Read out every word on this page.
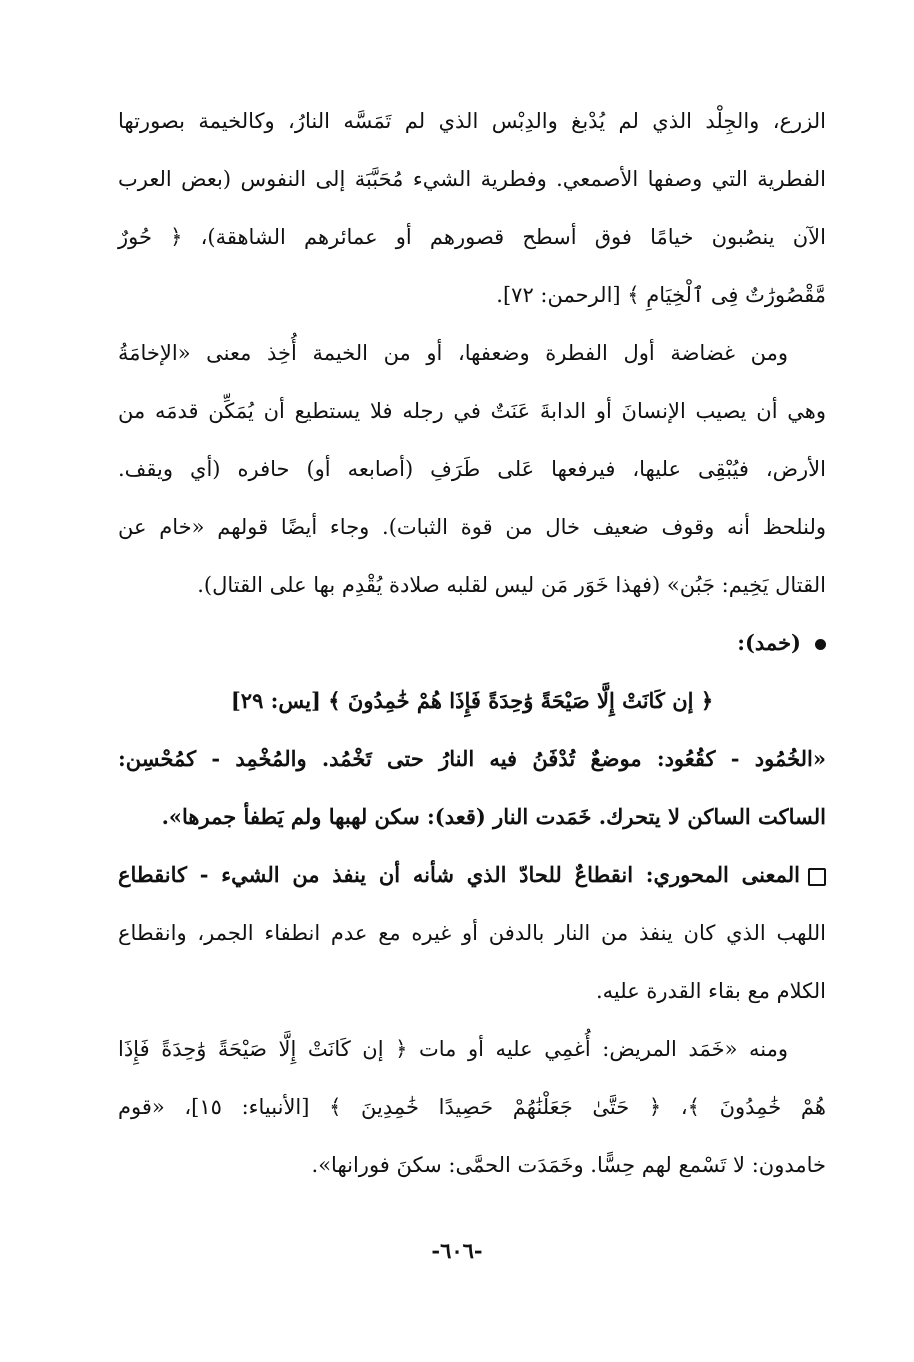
الزرع، والجِلْد الذي لم يُدْبغ والدِبْس الذي لم تَمَسَّه النارُ، وكالخيمة بصورتها
الفطرية التي وصفها الأصمعي. وفطرية الشيء مُحَبَّبَة إلى النفوس (بعض العرب
الآن ينصُبون خيامًا فوق أسطح قصورهم أو عمائرهم الشاهقة)، ﴿ حُورٌ
مَّقْصُورَٰتٌ فِى ٱلْخِيَامِ ﴾ [الرحمن: ٧٢].
ومن غضاضة أول الفطرة وضعفها، أو من الخيمة أُخِذ معنى «الإخامَةُ
وهي أن يصيب الإنسانَ أو الدابةَ عَنَتٌ في رجله فلا يستطيع أن يُمَكِّن قدمَه من
الأرض، فيُبْقِى عليها، فيرفعها عَلى طَرَفِ (أصابعه أو) حافره (أي ويقف.
ولنلحظ أنه وقوف ضعيف خال من قوة الثبات). وجاء أيضًا قولهم «خام عن
القتال يَخِيم: جَبُن» (فهذا خَوَر مَن ليس لقلبه صلادة يُقْدِم بها على القتال).
(خمد):
﴿ إن كَانَتْ إِلَّا صَيْحَةً وَٰحِدَةً فَإِذَا هُمْ خَٰمِدُونَ ﴾ [يس: ٢٩]
«الخُمُود - كقُعُود: موضعٌ تُدْفَنُ فيه النارُ حتى تَخْمُد. والمُخْمِد - كمُحْسِن:
الساكت الساكن لا يتحرك. خَمَدت النار (قعد): سكن لهبها ولم يَطفأ جمرها».
المعنى المحوري: انقطاعٌ للحادّ الذي شأنه أن ينفذ من الشيء - كانقطاع
اللهب الذي كان ينفذ من النار بالدفن أو غيره مع عدم انطفاء الجمر، وانقطاع
الكلام مع بقاء القدرة عليه.
ومنه «خَمَد المريض: أُغمِي عليه أو مات ﴿ إن كَانَتْ إِلَّا صَيْحَةً وَٰحِدَةً فَإِذَا
هُمْ خَٰمِدُونَ ﴾، ﴿ حَتَّىٰ جَعَلْنَٰهُمْ حَصِيدًا خَٰمِدِينَ ﴾ [الأنبياء: ١٥]، «قوم
خامدون: لا تَسْمع لهم حِسًّا. وخَمَدَت الحمَّى: سكنَ فورانها».
-٦٠٦-
